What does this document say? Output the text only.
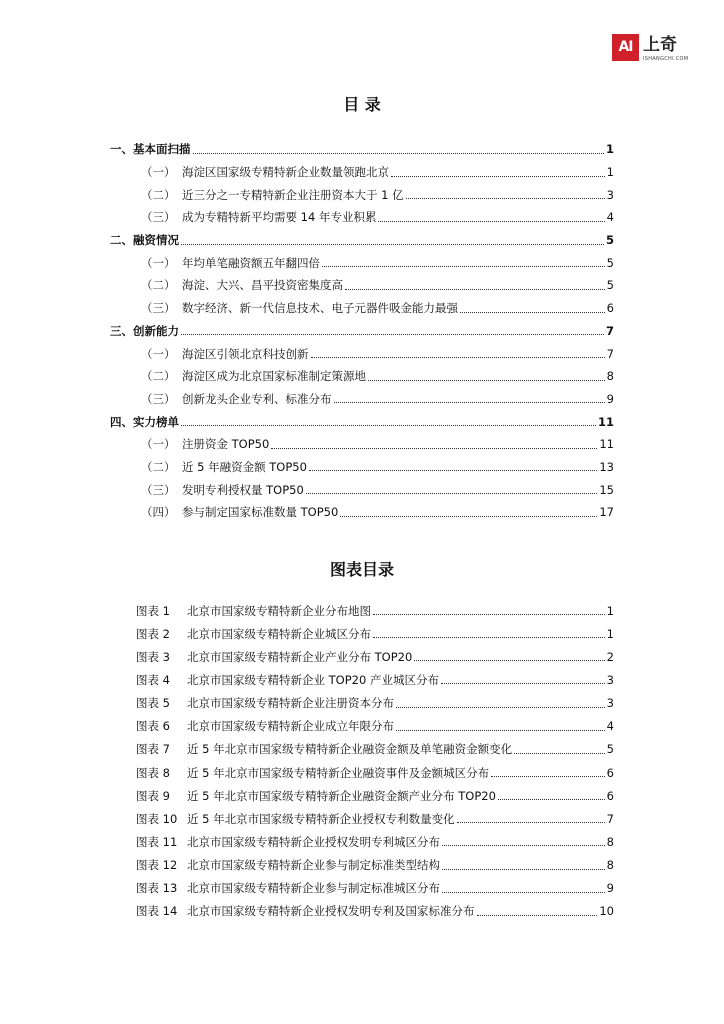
AI 上奇
ISHANGCHI.COM
目 录
一、 基本面扫描	1
（一） 海淀区国家级专精特新企业数量领跑北京	1
（二） 近三分之一专精特新企业注册资本大于 1 亿	3
（三） 成为专精特新平均需要 14 年专业积累	4
二、 融资情况	5
（一） 年均单笔融资额五年翻四倍	5
（二） 海淀、大兴、昌平投资密集度高	5
（三） 数字经济、新一代信息技术、电子元器件吸金能力最强	6
三、 创新能力	7
（一） 海淀区引领北京科技创新	7
（二） 海淀区成为北京国家标准制定策源地	8
（三） 创新龙头企业专利、标准分布	9
四、 实力榜单	11
（一） 注册资金 TOP50	11
（二） 近 5 年融资金额 TOP50	13
（三） 发明专利授权量 TOP50	15
（四） 参与制定国家标准数量 TOP50	17
图表目录
图表 1	北京市国家级专精特新企业分布地图	1
图表 2	北京市国家级专精特新企业城区分布	1
图表 3	北京市国家级专精特新企业产业分布 TOP20	2
图表 4	北京市国家级专精特新企业 TOP20 产业城区分布	3
图表 5	北京市国家级专精特新企业注册资本分布	3
图表 6	北京市国家级专精特新企业成立年限分布	4
图表 7	近 5 年北京市国家级专精特新企业融资金额及单笔融资金额变化	5
图表 8	近 5 年北京市国家级专精特新企业融资事件及金额城区分布	6
图表 9	近 5 年北京市国家级专精特新企业融资金额产业分布 TOP20	6
图表 10 近 5 年北京市国家级专精特新企业授权专利数量变化	7
图表 11 北京市国家级专精特新企业授权发明专利城区分布	8
图表 12 北京市国家级专精特新企业参与制定标准类型结构	8
图表 13 北京市国家级专精特新企业参与制定标准城区分布	9
图表 14 北京市国家级专精特新企业授权发明专利及国家标准分布	10
